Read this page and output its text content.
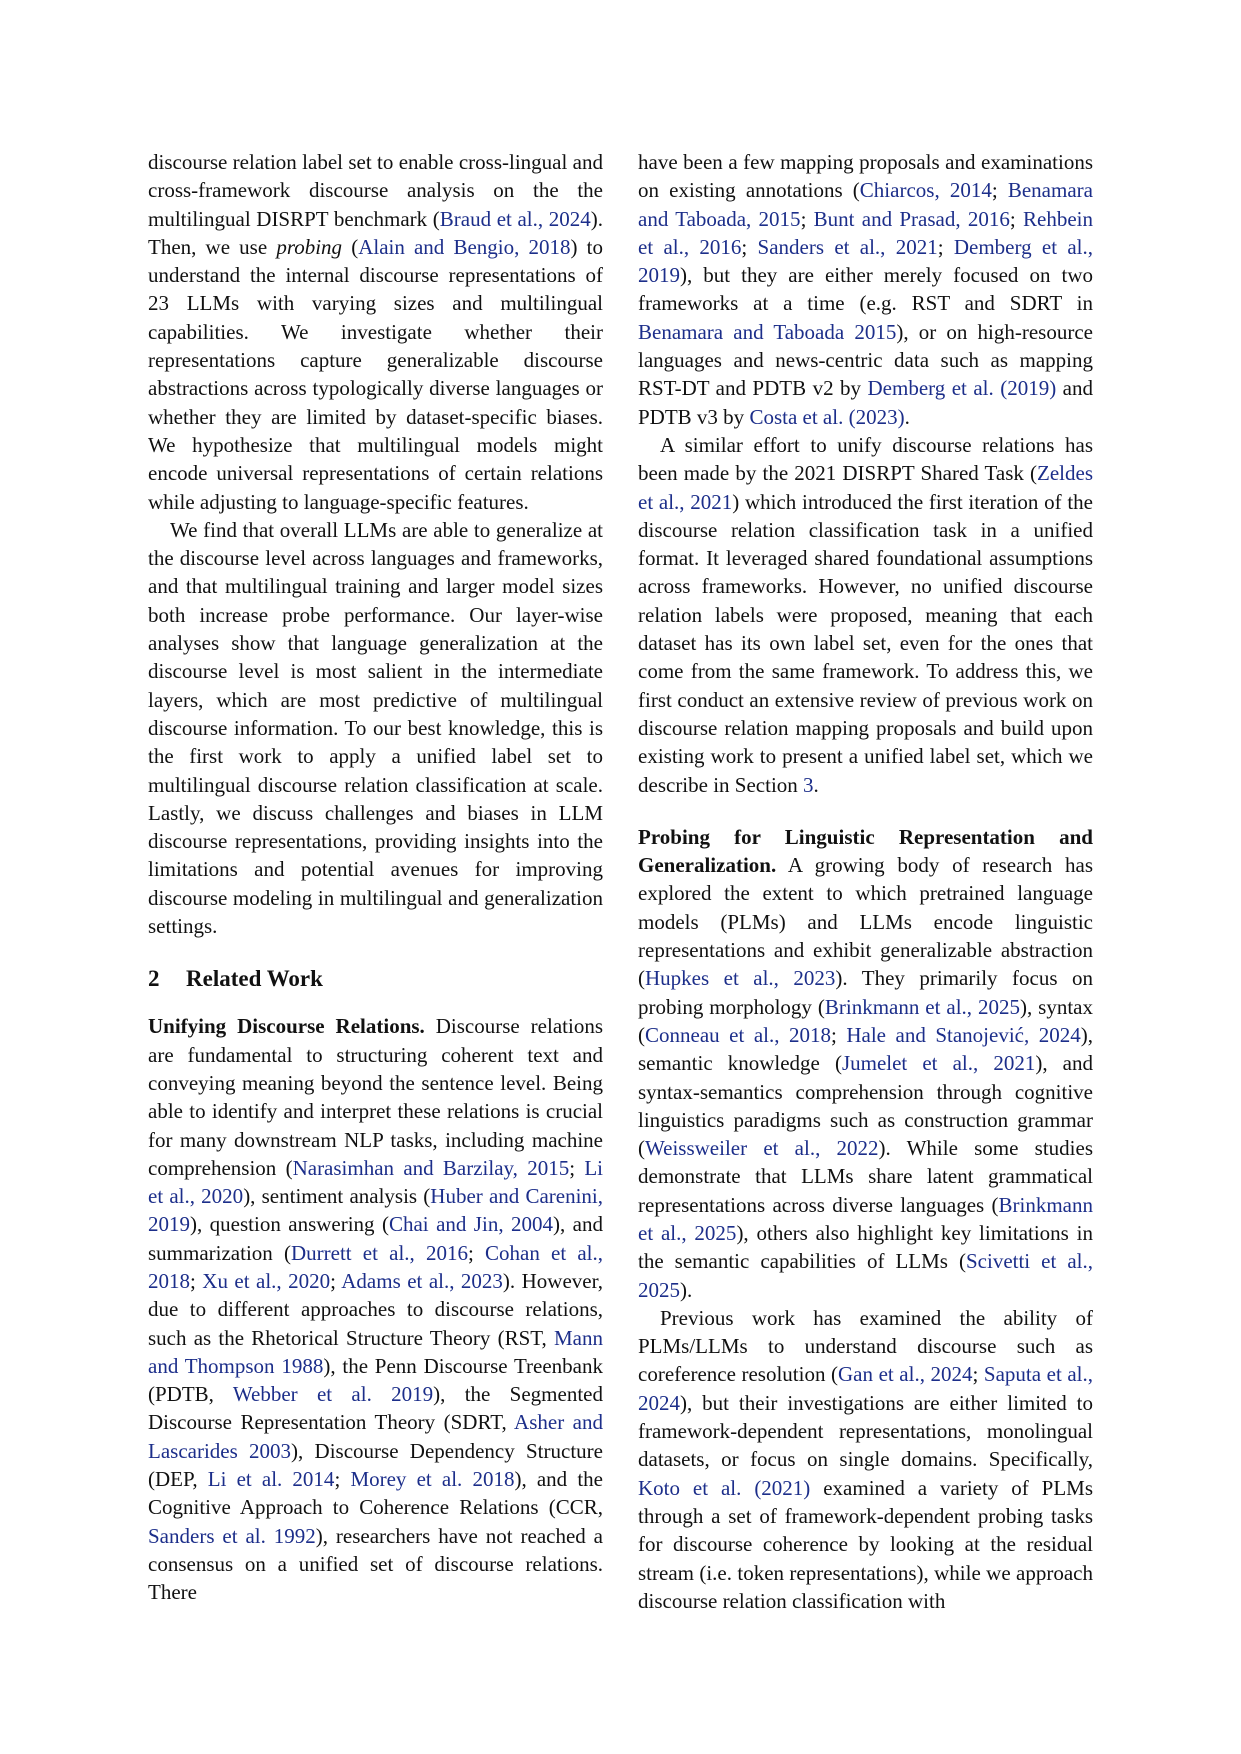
discourse relation label set to enable cross-lingual and cross-framework discourse analysis on the the multilingual DISRPT benchmark (Braud et al., 2024). Then, we use probing (Alain and Bengio, 2018) to understand the internal discourse representations of 23 LLMs with varying sizes and multilingual capabilities. We investigate whether their representations capture generalizable discourse abstractions across typologically diverse languages or whether they are limited by dataset-specific biases. We hypothesize that multilingual models might encode universal representations of certain relations while adjusting to language-specific features.

We find that overall LLMs are able to generalize at the discourse level across languages and frameworks, and that multilingual training and larger model sizes both increase probe performance. Our layer-wise analyses show that language generalization at the discourse level is most salient in the intermediate layers, which are most predictive of multilingual discourse information. To our best knowledge, this is the first work to apply a unified label set to multilingual discourse relation classification at scale. Lastly, we discuss challenges and biases in LLM discourse representations, providing insights into the limitations and potential avenues for improving discourse modeling in multilingual and generalization settings.

2 Related Work

Unifying Discourse Relations. Discourse relations are fundamental to structuring coherent text and conveying meaning beyond the sentence level. Being able to identify and interpret these relations is crucial for many downstream NLP tasks, including machine comprehension (Narasimhan and Barzilay, 2015; Li et al., 2020), sentiment analysis (Huber and Carenini, 2019), question answering (Chai and Jin, 2004), and summarization (Durrett et al., 2016; Cohan et al., 2018; Xu et al., 2020; Adams et al., 2023). However, due to different approaches to discourse relations, such as the Rhetorical Structure Theory (RST, Mann and Thompson 1988), the Penn Discourse Treenbank (PDTB, Webber et al. 2019), the Segmented Discourse Representation Theory (SDRT, Asher and Lascarides 2003), Discourse Dependency Structure (DEP, Li et al. 2014; Morey et al. 2018), and the Cognitive Approach to Coherence Relations (CCR, Sanders et al. 1992), researchers have not reached a consensus on a unified set of discourse relations. There

have been a few mapping proposals and examinations on existing annotations (Chiarcos, 2014; Benamara and Taboada, 2015; Bunt and Prasad, 2016; Rehbein et al., 2016; Sanders et al., 2021; Demberg et al., 2019), but they are either merely focused on two frameworks at a time (e.g. RST and SDRT in Benamara and Taboada 2015), or on high-resource languages and news-centric data such as mapping RST-DT and PDTB v2 by Demberg et al. (2019) and PDTB v3 by Costa et al. (2023).

A similar effort to unify discourse relations has been made by the 2021 DISRPT Shared Task (Zeldes et al., 2021) which introduced the first iteration of the discourse relation classification task in a unified format. It leveraged shared foundational assumptions across frameworks. However, no unified discourse relation labels were proposed, meaning that each dataset has its own label set, even for the ones that come from the same framework. To address this, we first conduct an extensive review of previous work on discourse relation mapping proposals and build upon existing work to present a unified label set, which we describe in Section 3.

Probing for Linguistic Representation and Generalization. A growing body of research has explored the extent to which pretrained language models (PLMs) and LLMs encode linguistic representations and exhibit generalizable abstraction (Hupkes et al., 2023). They primarily focus on probing morphology (Brinkmann et al., 2025), syntax (Conneau et al., 2018; Hale and Stanojević, 2024), semantic knowledge (Jumelet et al., 2021), and syntax-semantics comprehension through cognitive linguistics paradigms such as construction grammar (Weissweiler et al., 2022). While some studies demonstrate that LLMs share latent grammatical representations across diverse languages (Brinkmann et al., 2025), others also highlight key limitations in the semantic capabilities of LLMs (Scivetti et al., 2025).

Previous work has examined the ability of PLMs/LLMs to understand discourse such as coreference resolution (Gan et al., 2024; Saputa et al., 2024), but their investigations are either limited to framework-dependent representations, monolingual datasets, or focus on single domains. Specifically, Koto et al. (2021) examined a variety of PLMs through a set of framework-dependent probing tasks for discourse coherence by looking at the residual stream (i.e. token representations), while we approach discourse relation classification with
